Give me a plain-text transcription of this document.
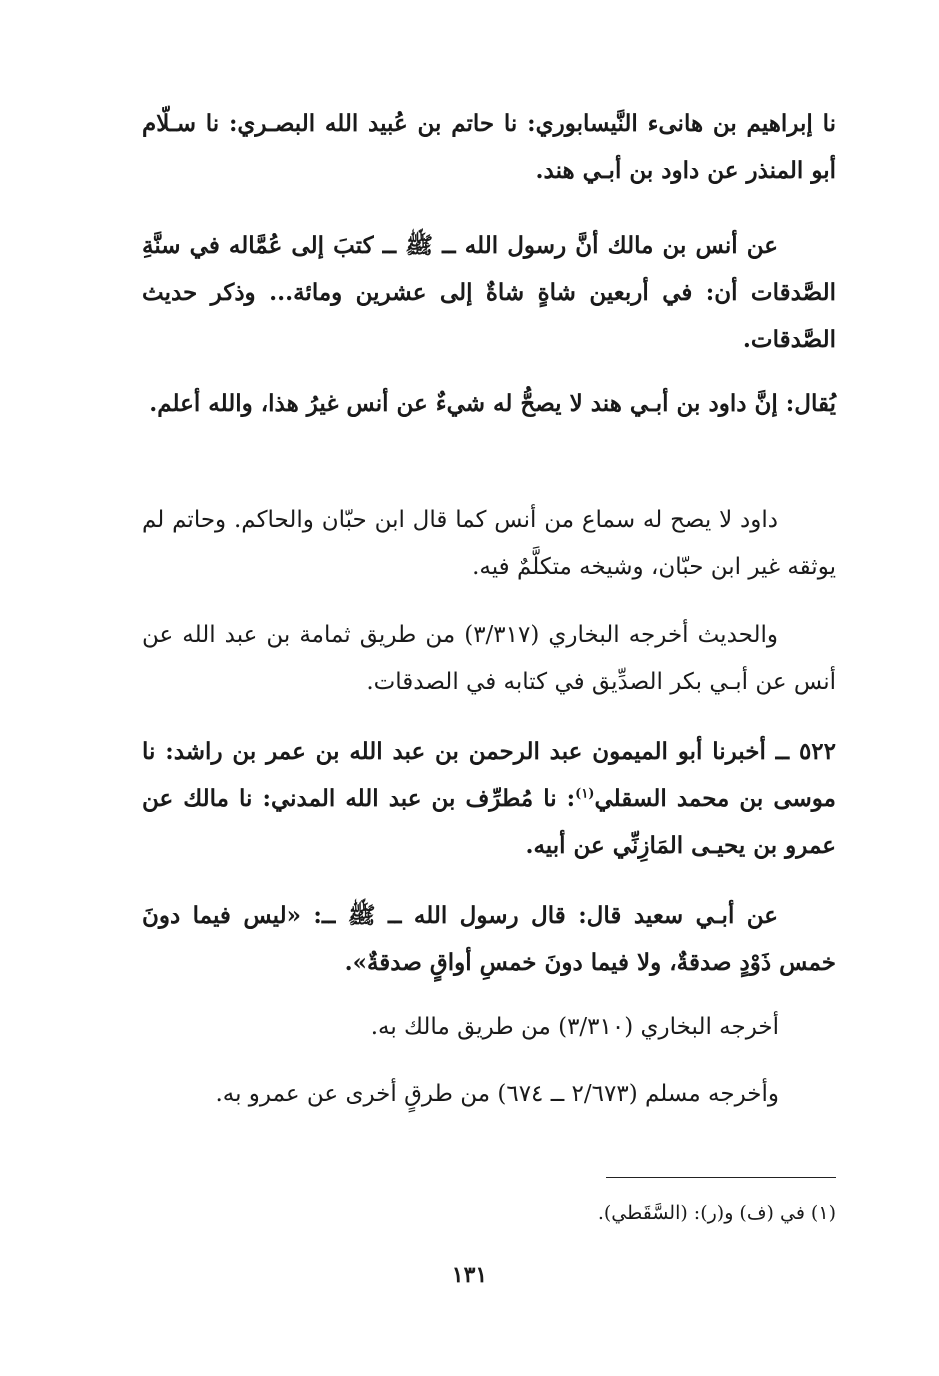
نا إبراهيم بن هانىء النَّيسابوري: نا حاتم بن عُبيد الله البصـري: نا سـلّام أبو المنذر عن داود بن أبـي هند.

عن أنس بن مالك أنَّ رسول الله ــ ﷺ ــ كتبَ إلى عُمَّاله في سنَّةِ الصَّدقات أن: في أربعين شاةٍ شاةٌ إلى عشرين ومائة... وذكر حديث الصَّدقات.

يُقال: إنَّ داود بن أبـي هند لا يصحُّ له شيءٌ عن أنس غيرُ هذا، والله أعلم.

داود لا يصح له سماع من أنس كما قال ابن حبّان والحاكم. وحاتم لم يوثقه غير ابن حبّان، وشيخه متكلَّمٌ فيه.

والحديث أخرجه البخاري (٣/٣١٧) من طريق ثمامة بن عبد الله عن أنس عن أبـي بكر الصدِّيق في كتابه في الصدقات.

٥٢٢ ــ أخبرنا أبو الميمون عبد الرحمن بن عبد الله بن عمر بن راشد: نا موسى بن محمد السقلي$^{(١)}$: نا مُطرِّف بن عبد الله المدني: نا مالك عن عمرو بن يحيـى المَازِنِّي عن أبيه.

عن أبـي سعيد قال: قال رسول الله ــ ﷺ ــ: «ليس فيما دونَ خمس ذَوْدٍ صدقةٌ، ولا فيما دونَ خمسِ أواقٍ صدقةٌ».

أخرجه البخاري (٣/٣١٠) من طريق مالك به.

وأخرجه مسلم (٢/٦٧٣ ــ ٦٧٤) من طرقٍ أخرى عن عمرو به.

(١) في (ف) و(ر): (السَّقَطي).

١٣١
